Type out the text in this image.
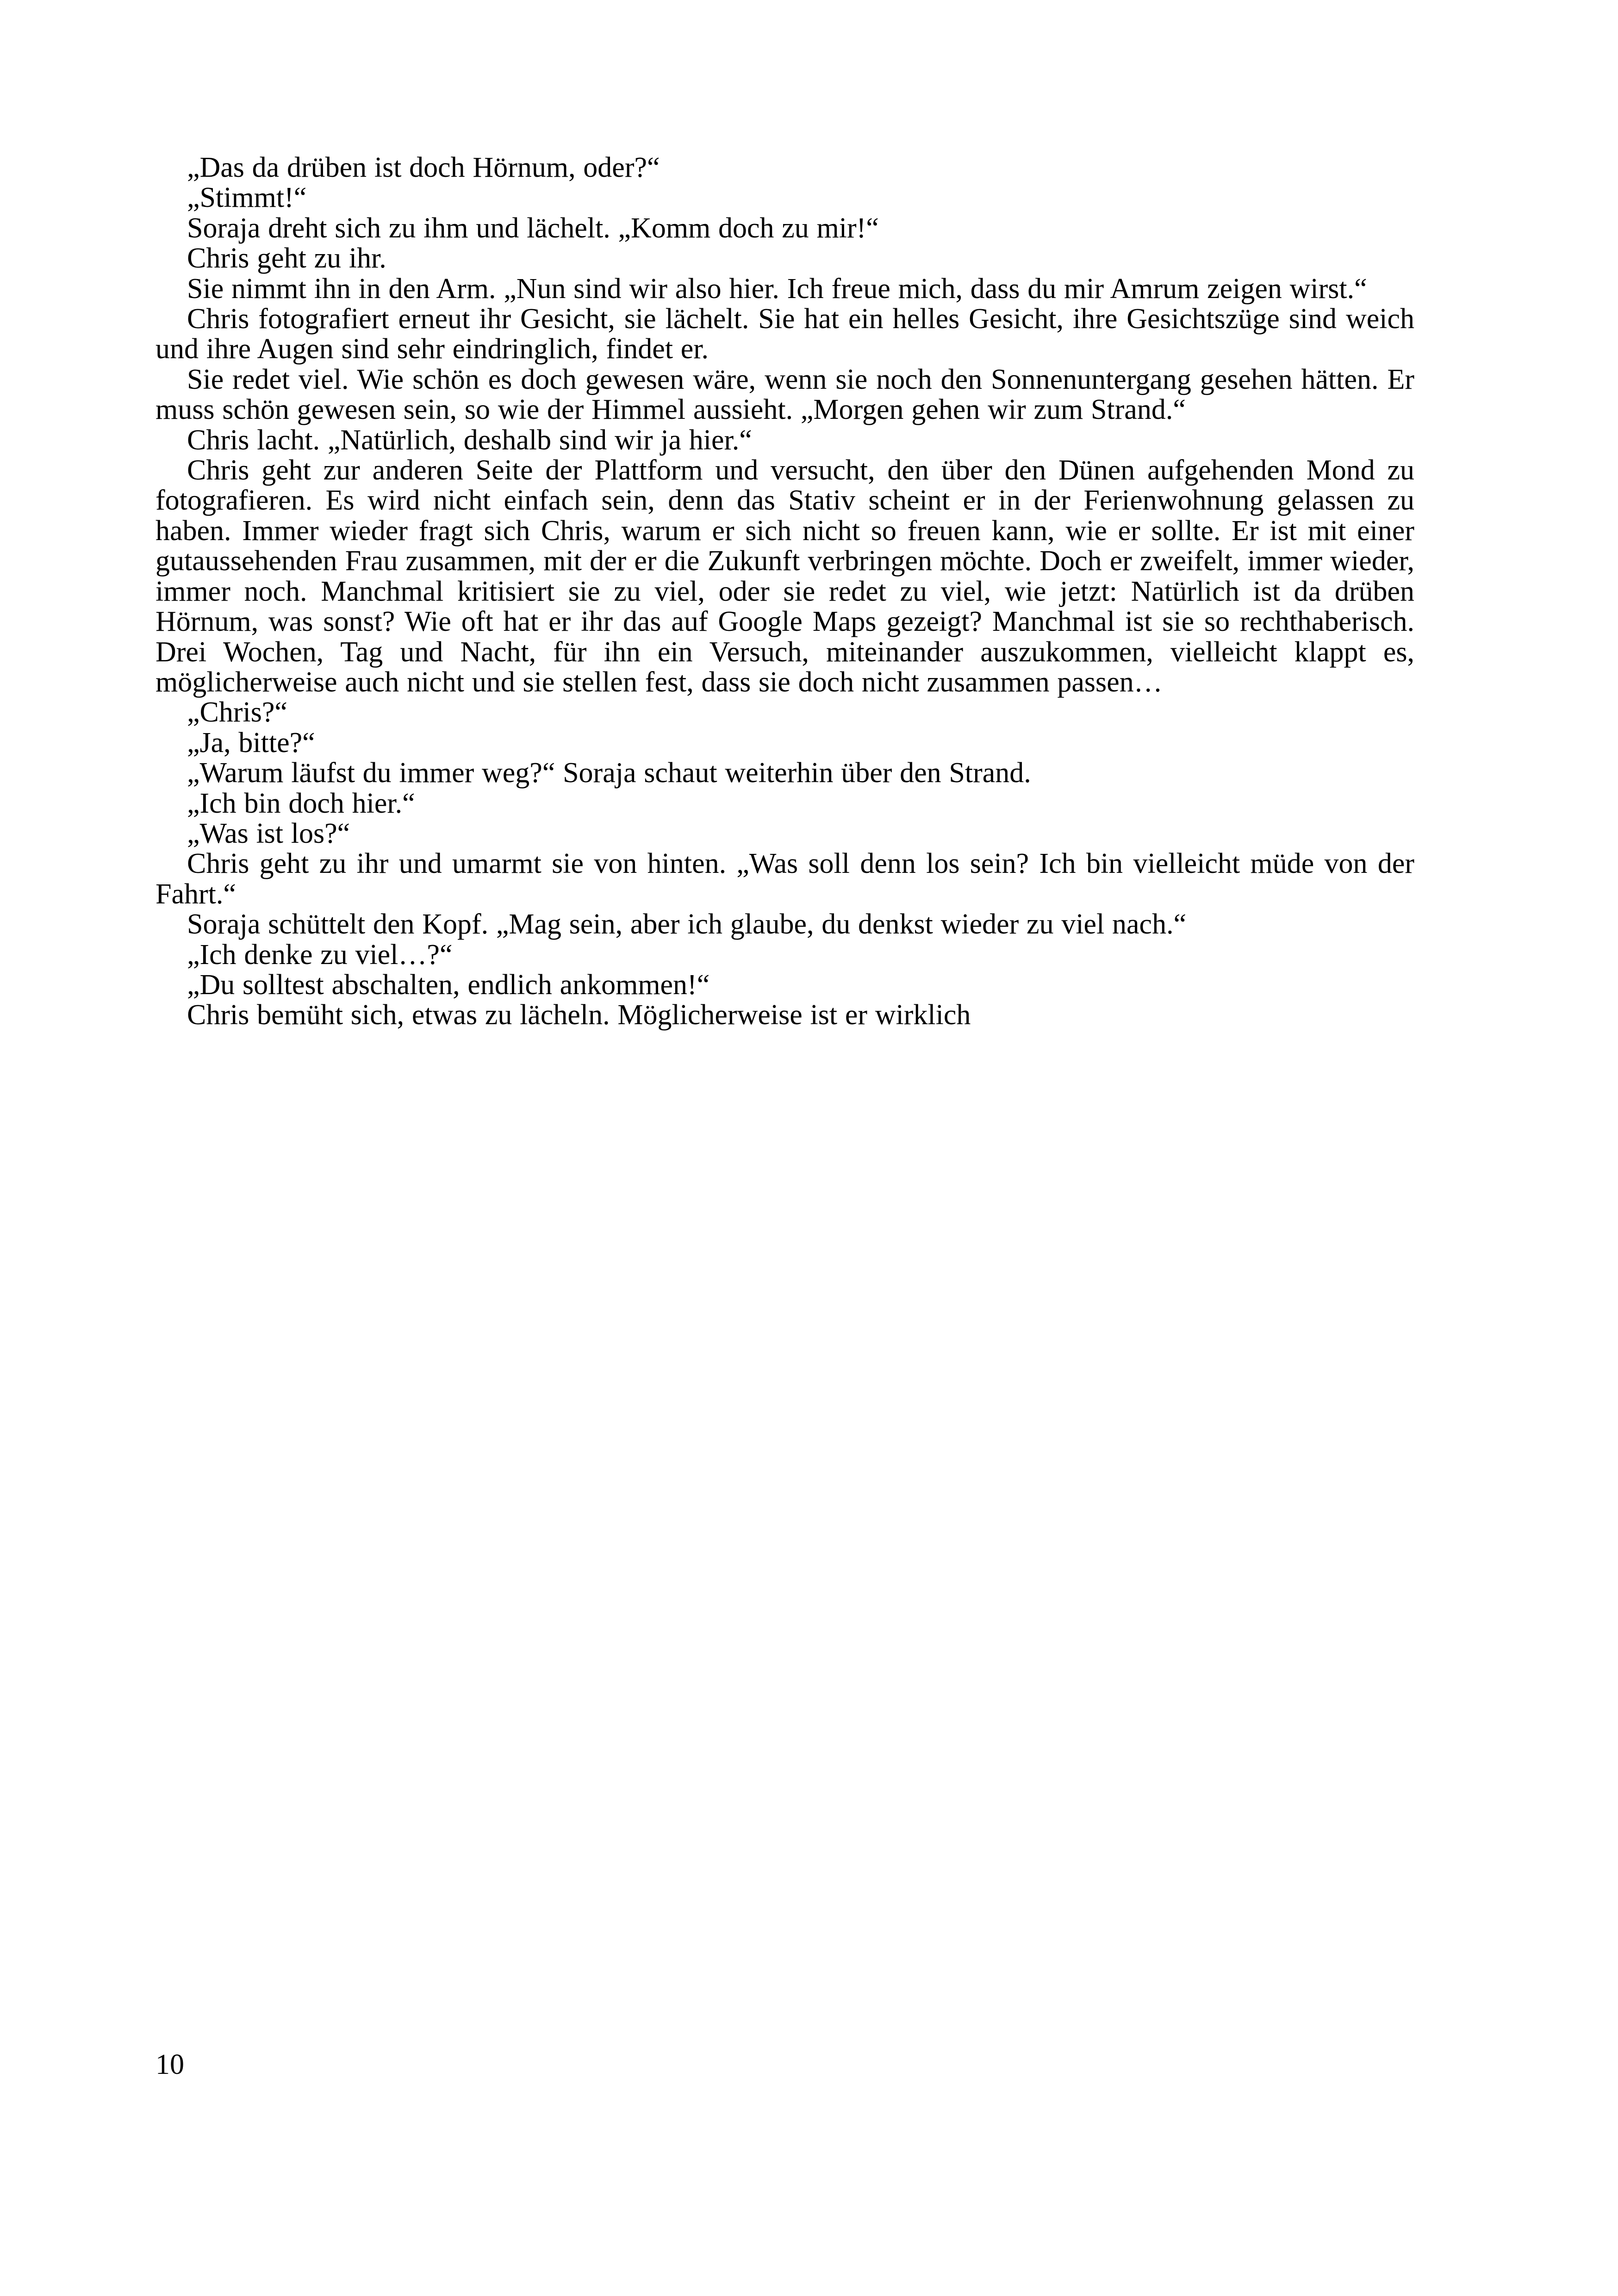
„Das da drüben ist doch Hörnum, oder?“

„Stimmt!“

Soraja dreht sich zu ihm und lächelt. „Komm doch zu mir!“

Chris geht zu ihr.

Sie nimmt ihn in den Arm. „Nun sind wir also hier. Ich freue mich, dass du mir Amrum zeigen wirst.“

Chris fotografiert erneut ihr Gesicht, sie lächelt. Sie hat ein helles Gesicht, ihre Gesichtszüge sind weich und ihre Augen sind sehr eindringlich, findet er.

Sie redet viel. Wie schön es doch gewesen wäre, wenn sie noch den Sonnenuntergang gesehen hätten. Er muss schön gewesen sein, so wie der Himmel aussieht. „Morgen gehen wir zum Strand.“

Chris lacht. „Natürlich, deshalb sind wir ja hier.“

Chris geht zur anderen Seite der Plattform und versucht, den über den Dünen aufgehenden Mond zu fotografieren. Es wird nicht einfach sein, denn das Stativ scheint er in der Ferienwohnung gelassen zu haben. Immer wieder fragt sich Chris, warum er sich nicht so freuen kann, wie er sollte. Er ist mit einer gutaussehenden Frau zusammen, mit der er die Zukunft verbringen möchte. Doch er zweifelt, immer wieder, immer noch. Manchmal kritisiert sie zu viel, oder sie redet zu viel, wie jetzt: Natürlich ist da drüben Hörnum, was sonst? Wie oft hat er ihr das auf Google Maps gezeigt? Manchmal ist sie so rechthaberisch. Drei Wochen, Tag und Nacht, für ihn ein Versuch, miteinander auszukommen, vielleicht klappt es, möglicherweise auch nicht und sie stellen fest, dass sie doch nicht zusammen passen…

„Chris?“

„Ja, bitte?“

„Warum läufst du immer weg?“ Soraja schaut weiterhin über den Strand.

„Ich bin doch hier.“

„Was ist los?“

Chris geht zu ihr und umarmt sie von hinten. „Was soll denn los sein? Ich bin vielleicht müde von der Fahrt.“

Soraja schüttelt den Kopf. „Mag sein, aber ich glaube, du denkst wieder zu viel nach.“

„Ich denke zu viel…?“

„Du solltest abschalten, endlich ankommen!“

Chris bemüht sich, etwas zu lächeln. Möglicherweise ist er wirklich

10
